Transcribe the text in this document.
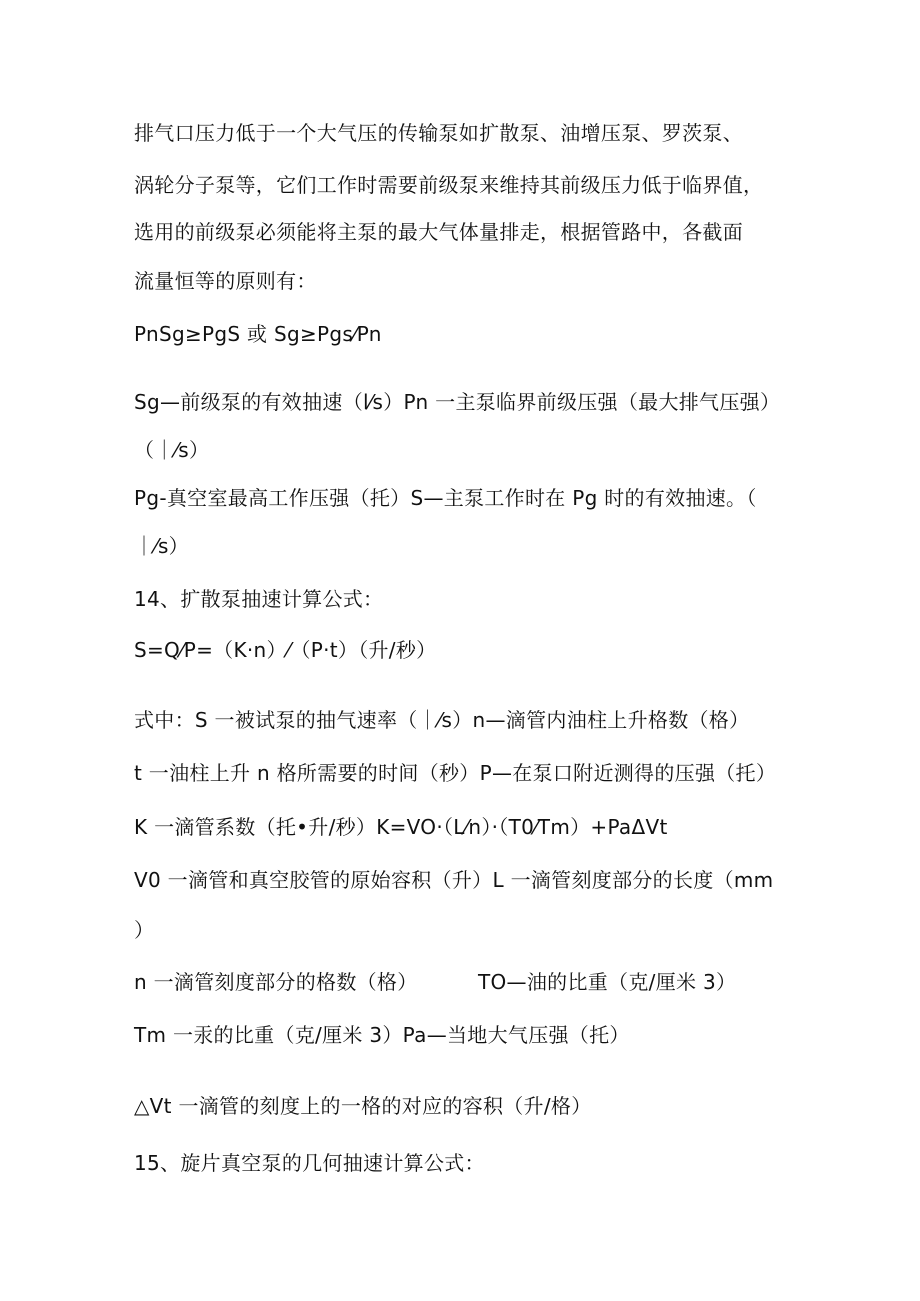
排气口压力低于一个大气压的传输泵如扩散泵、油增压泵、罗茨泵、
涡轮分子泵等，它们工作时需要前级泵来维持其前级压力低于临界值，
选用的前级泵必须能将主泵的最大气体量排走，根据管路中，各截面
流量恒等的原则有：
PnSg≥PgS 或 Sg≥Pgs⁄Pn
Sg—前级泵的有效抽速（l⁄s）Pn 一主泵临界前级压强（最大排气压强）
（｜⁄s）
Pg-真空室最高工作压强（托）S—主泵工作时在 Pg 时的有效抽速。（
｜⁄s）
14、扩散泵抽速计算公式：
S=Q⁄P=（K·n）⁄（P·t）（升/秒）
式中：S 一被试泵的抽气速率（｜⁄s）n—滴管内油柱上升格数（格）
t 一油柱上升 n 格所需要的时间（秒）P—在泵口附近测得的压强（托）
K 一滴管系数（托•升/秒）K=VO·（L⁄n）·（T0⁄Tm）+PaΔVt
V0 一滴管和真空胶管的原始容积（升）L 一滴管刻度部分的长度（mm
）
n 一滴管刻度部分的格数（格）	TO—油的比重（克/厘米 3）
Tm 一汞的比重（克/厘米 3）Pa—当地大气压强（托）
△Vt 一滴管的刻度上的一格的对应的容积（升/格）
15、旋片真空泵的几何抽速计算公式：
